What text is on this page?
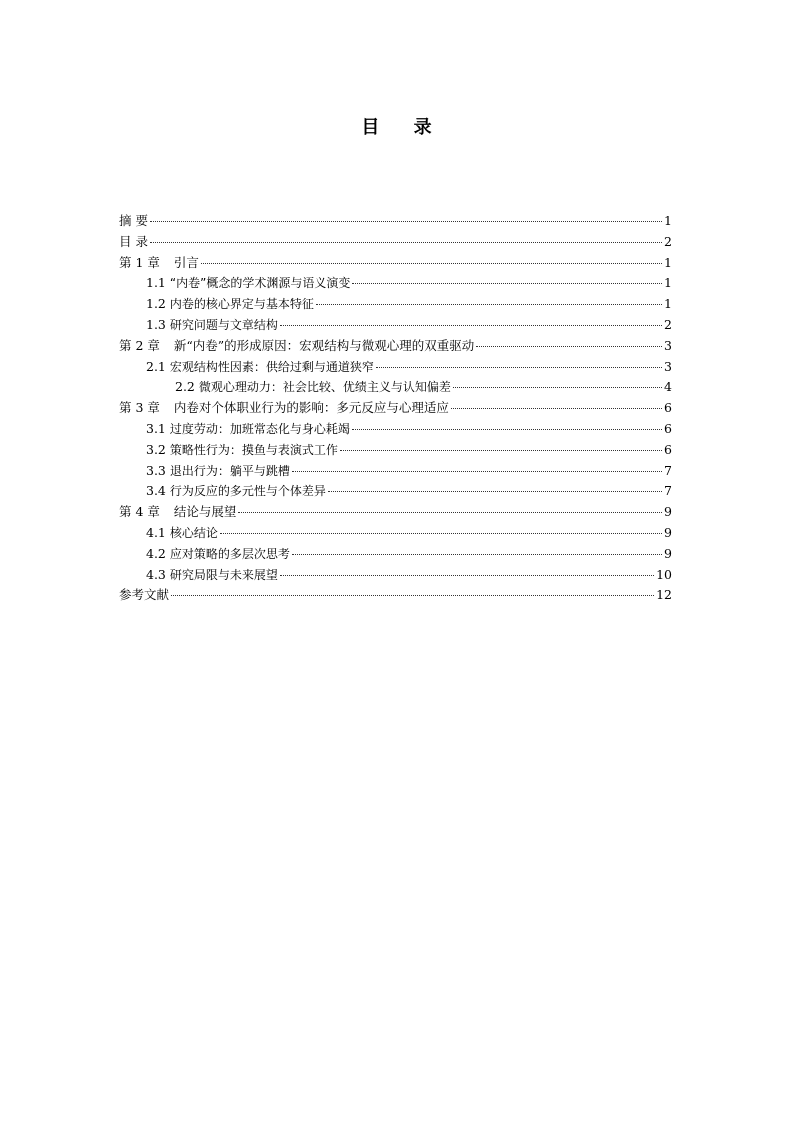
目 录
摘 要	1
目 录	2
第 1 章 引言	1
1.1 “内卷”概念的学术渊源与语义演变	1
1.2 内卷的核心界定与基本特征	1
1.3 研究问题与文章结构	2
第 2 章 新“内卷”的形成原因：宏观结构与微观心理的双重驱动	3
2.1 宏观结构性因素：供给过剩与通道狭窄	3
2.2 微观心理动力：社会比较、优绩主义与认知偏差	4
第 3 章 内卷对个体职业行为的影响：多元反应与心理适应	6
3.1 过度劳动：加班常态化与身心耗竭	6
3.2 策略性行为：摸鱼与表演式工作	6
3.3 退出行为：躺平与跳槽	7
3.4 行为反应的多元性与个体差异	7
第 4 章 结论与展望	9
4.1 核心结论	9
4.2 应对策略的多层次思考	9
4.3 研究局限与未来展望	10
参考文献	12
